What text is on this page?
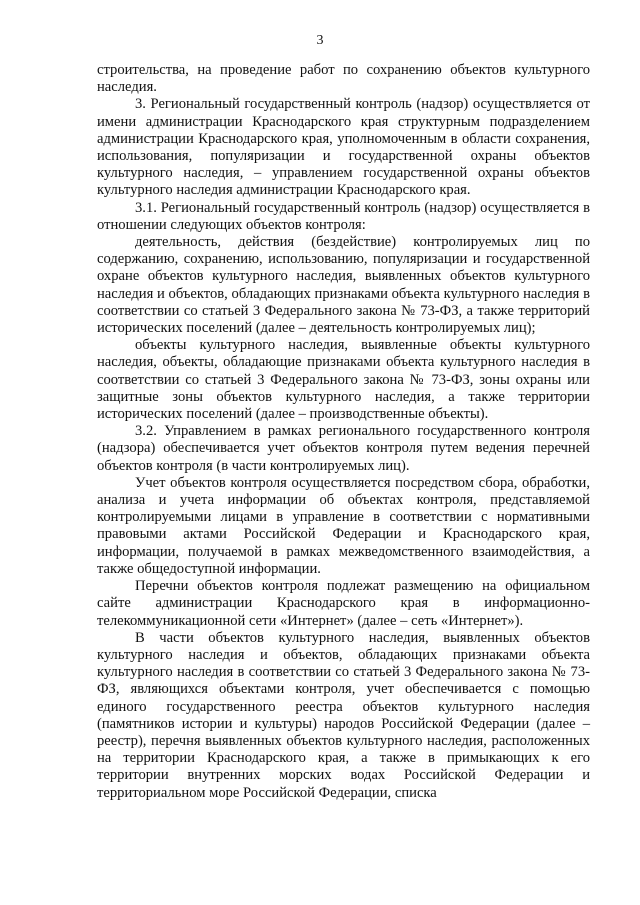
3

строительства, на проведение работ по сохранению объектов культурного наследия.

3. Региональный государственный контроль (надзор) осуществляется от имени администрации Краснодарского края структурным подразделением администрации Краснодарского края, уполномоченным в области сохранения, использования, популяризации и государственной охраны объектов культурного наследия, – управлением государственной охраны объектов культурного наследия администрации Краснодарского края.

3.1. Региональный государственный контроль (надзор) осуществляется в отношении следующих объектов контроля:

деятельность, действия (бездействие) контролируемых лиц по содержанию, сохранению, использованию, популяризации и государственной охране объектов культурного наследия, выявленных объектов культурного наследия и объектов, обладающих признаками объекта культурного наследия в соответствии со статьей 3 Федерального закона № 73-ФЗ, а также территорий исторических поселений (далее – деятельность контролируемых лиц);

объекты культурного наследия, выявленные объекты культурного наследия, объекты, обладающие признаками объекта культурного наследия в соответствии со статьей 3 Федерального закона № 73-ФЗ, зоны охраны или защитные зоны объектов культурного наследия, а также территории исторических поселений (далее – производственные объекты).

3.2. Управлением в рамках регионального государственного контроля (надзора) обеспечивается учет объектов контроля путем ведения перечней объектов контроля (в части контролируемых лиц).

Учет объектов контроля осуществляется посредством сбора, обработки, анализа и учета информации об объектах контроля, представляемой контролируемыми лицами в управление в соответствии с нормативными правовыми актами Российской Федерации и Краснодарского края, информации, получаемой в рамках межведомственного взаимодействия, а также общедоступной информации.

Перечни объектов контроля подлежат размещению на официальном сайте администрации Краснодарского края в информационно-телекоммуникационной сети «Интернет» (далее – сеть «Интернет»).

В части объектов культурного наследия, выявленных объектов культурного наследия и объектов, обладающих признаками объекта культурного наследия в соответствии со статьей 3 Федерального закона № 73-ФЗ, являющихся объектами контроля, учет обеспечивается с помощью единого государственного реестра объектов культурного наследия (памятников истории и культуры) народов Российской Федерации (далее – реестр), перечня выявленных объектов культурного наследия, расположенных на территории Краснодарского края, а также в примыкающих к его территории внутренних морских водах Российской Федерации и территориальном море Российской Федерации, списка
